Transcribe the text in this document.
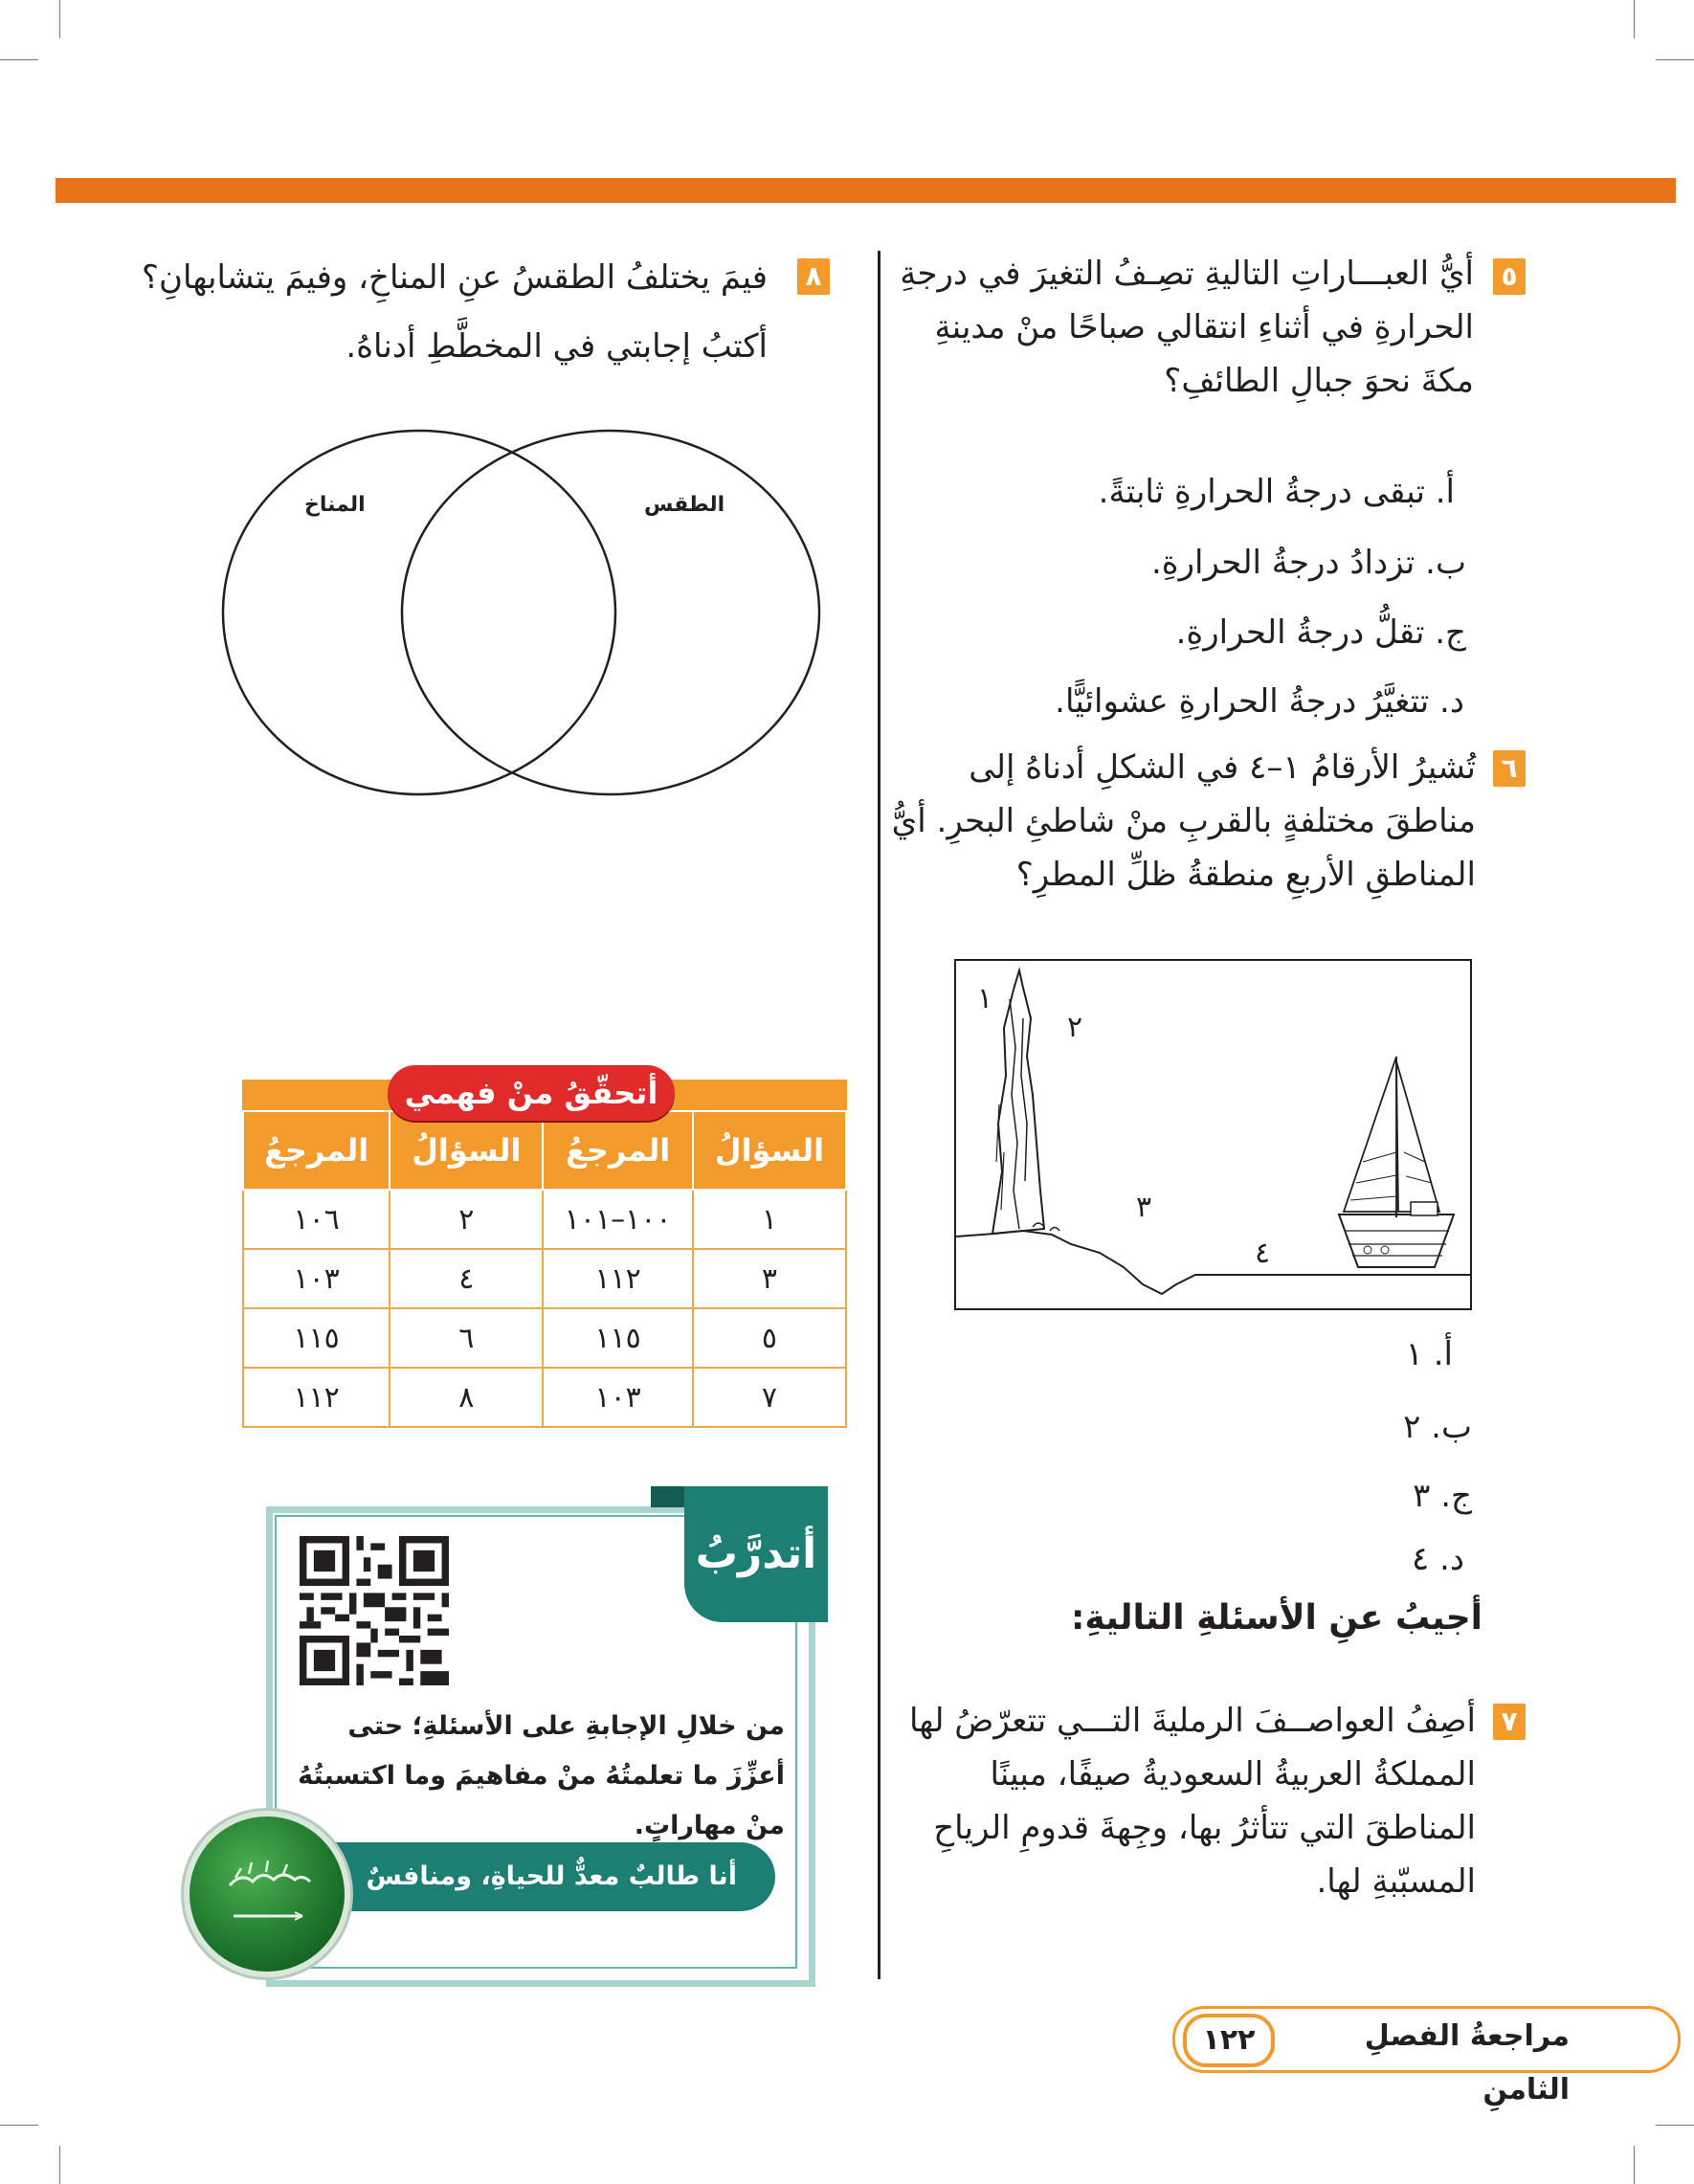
٥
أيُّ العبـــاراتِ التاليةِ تصِـفُ التغيرَ في درجةِ الحرارةِ في أثناءِ انتقالي صباحًا منْ مدينةِ مكةَ نحوَ جبالِ الطائفِ؟
أ. تبقى درجةُ الحرارةِ ثابتةً.
ب. تزدادُ درجةُ الحرارةِ.
ج. تقلُّ درجةُ الحرارةِ.
د. تتغيَّرُ درجةُ الحرارةِ عشوائيًّا.
٦
تُشيرُ الأرقامُ ١–٤ في الشكلِ أدناهُ إلى مناطقَ مختلفةٍ بالقربِ منْ شاطئِ البحرِ. أيُّ المناطقِ الأربعِ منطقةُ ظلِّ المطرِ؟
١
٢
٣
٤
أ. ١
ب. ٢
ج. ٣
د. ٤
أجيبُ عنِ الأسئلةِ التاليةِ:
٧
أصِفُ العواصــفَ الرمليةَ التـــي تتعرّضُ لها المملكةُ العربيةُ السعوديةُ صيفًا، مبينًا المناطقَ التي تتأثرُ بها، وجِهةَ قدومِ الرياحِ المسبّبةِ لها.
٨
فيمَ يختلفُ الطقسُ عنِ المناخِ، وفيمَ يتشابهانِ؟
أكتبُ إجابتي في المخطَّطِ أدناهُ.
الطقس
المناخ
السؤالُ	المرجعُ	السؤالُ	المرجعُ
١	١٠٠–١٠١	٢	١٠٦
٣	١١٢	٤	١٠٣
٥	١١٥	٦	١١٥
٧	١٠٣	٨	١١٢
أتحقّقُ منْ فهمي
أتدرَّبُ
من خلالِ الإجابةِ على الأسئلةِ؛ حتى أعزِّزَ ما تعلمتُهُ منْ مفاهيمَ وما اكتسبتُهُ منْ مهاراتٍ.
أنا طالبٌ معدٌّ للحياةِ، ومنافسٌ عالميًّا.
مراجعةُ الفصلِ الثامنِ
١٢٢
